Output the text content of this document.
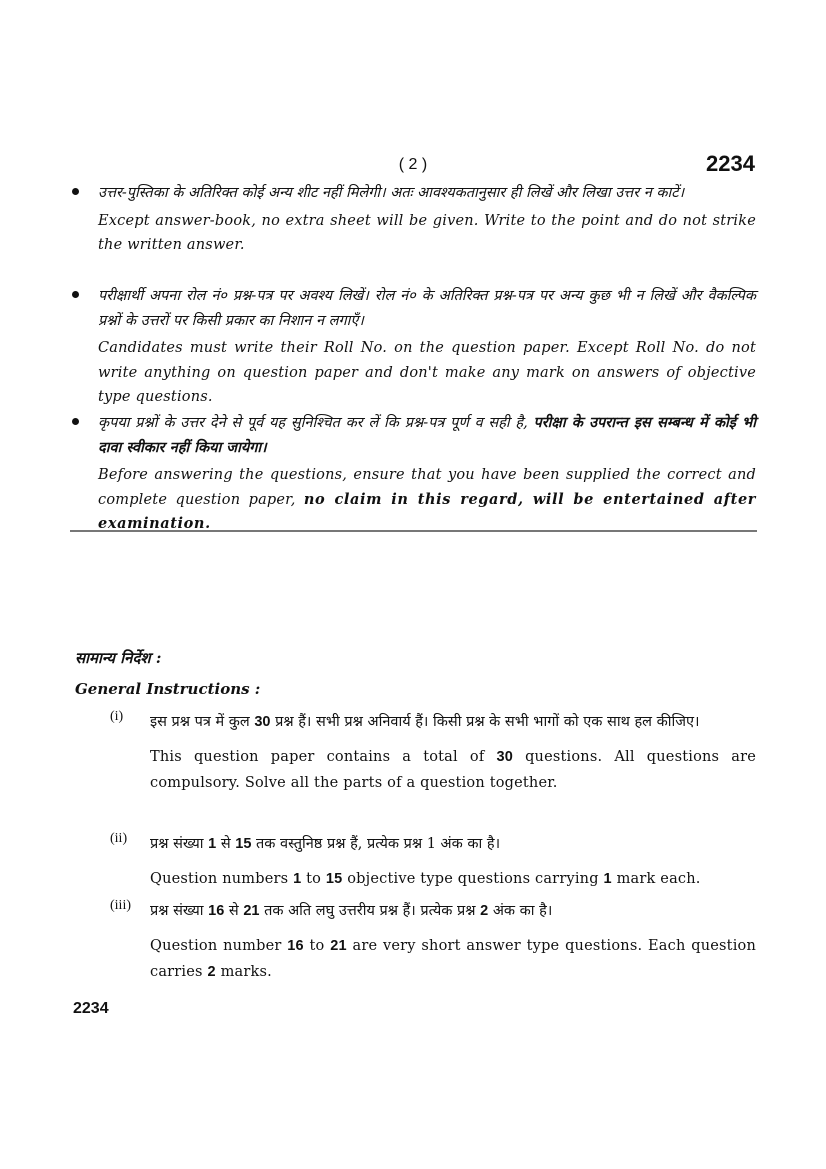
( 2 )	2234
उत्तर-पुस्तिका के अतिरिक्त कोई अन्य शीट नहीं मिलेगी। अतः आवश्यकतानुसार ही लिखें और लिखा उत्तर न काटें।
Except answer-book, no extra sheet will be given. Write to the point and do not strike the written answer.
परीक्षार्थी अपना रोल नं० प्रश्न-पत्र पर अवश्य लिखें। रोल नं० के अतिरिक्त प्रश्न-पत्र पर अन्य कुछ भी न लिखें और वैकल्पिक प्रश्नों के उत्तरों पर किसी प्रकार का निशान न लगाएँ।
Candidates must write their Roll No. on the question paper. Except Roll No. do not write anything on question paper and don't make any mark on answers of objective type questions.
कृपया प्रश्नों के उत्तर देने से पूर्व यह सुनिश्चित कर लें कि प्रश्न-पत्र पूर्ण व सही है, परीक्षा के उपरान्त इस सम्बन्ध में कोई भी दावा स्वीकार नहीं किया जायेगा।
Before answering the questions, ensure that you have been supplied the correct and complete question paper, no claim in this regard, will be entertained after examination.
सामान्य निर्देश :
General Instructions :
(i) इस प्रश्न पत्र में कुल 30 प्रश्न हैं। सभी प्रश्न अनिवार्य हैं। किसी प्रश्न के सभी भागों को एक साथ हल कीजिए।
This question paper contains a total of 30 questions. All questions are compulsory. Solve all the parts of a question together.
(ii) प्रश्न संख्या 1 से 15 तक वस्तुनिष्ठ प्रश्न हैं, प्रत्येक प्रश्न 1 अंक का है।
Question numbers 1 to 15 objective type questions carrying 1 mark each.
(iii) प्रश्न संख्या 16 से 21 तक अति लघु उत्तरीय प्रश्न हैं। प्रत्येक प्रश्न 2 अंक का है।
Question number 16 to 21 are very short answer type questions. Each question carries 2 marks.
2234
